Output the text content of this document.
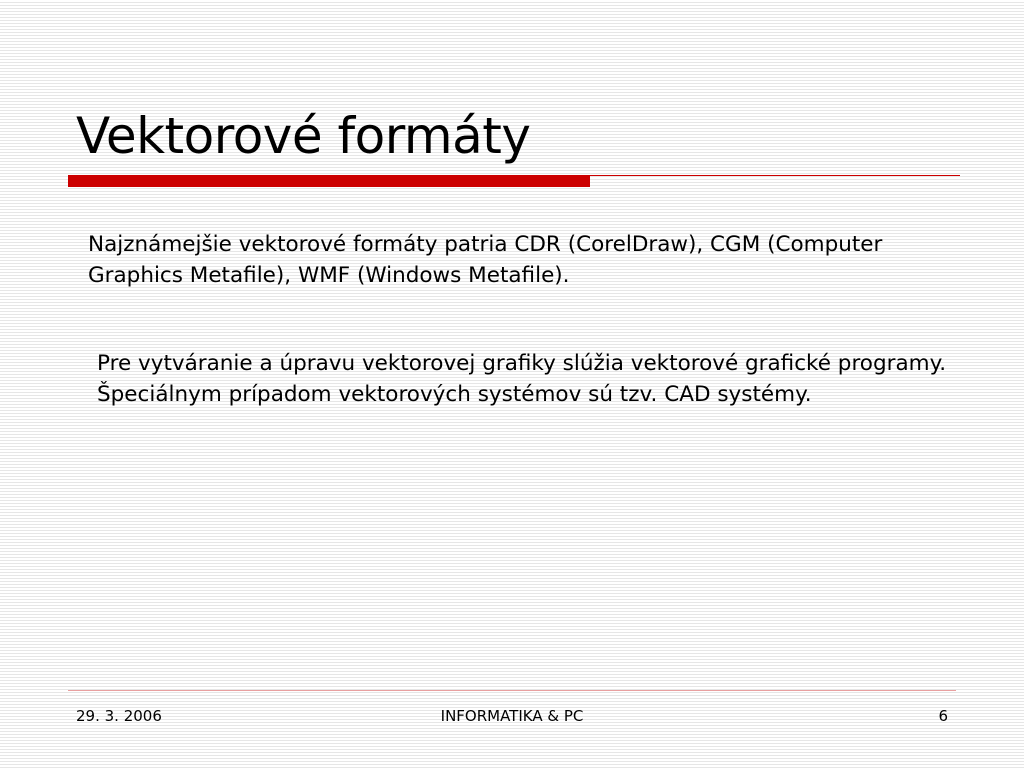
Vektorové formáty
Najznámejšie vektorové formáty patria CDR (CorelDraw), CGM (Computer Graphics Metafile), WMF (Windows Metafile).
Pre vytváranie a úpravu vektorovej grafiky slúžia vektorové grafické programy. Špeciálnym prípadom vektorových systémov sú tzv. CAD systémy.
29. 3. 2006	INFORMATIKA & PC	6
